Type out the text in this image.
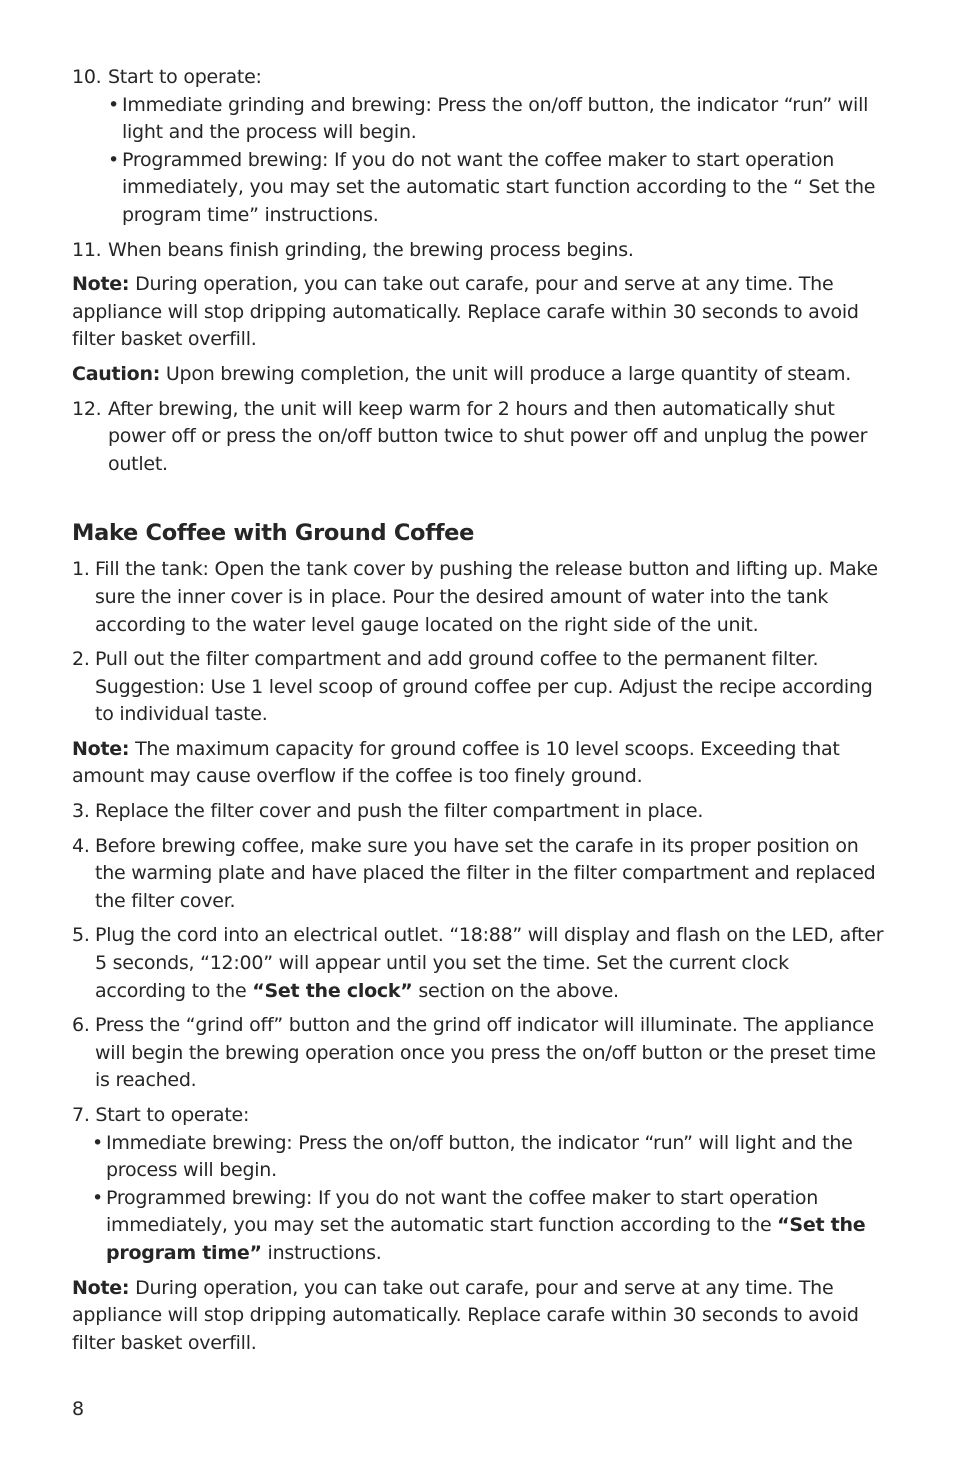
10. Start to operate:

• Immediate grinding and brewing: Press the on/off button, the indicator “run” will light and the process will begin.
• Programmed brewing: If you do not want the coffee maker to start operation immediately, you may set the automatic start function according to the “ Set the program time” instructions.
11. When beans finish grinding, the brewing process begins.

Note: During operation, you can take out carafe, pour and serve at any time. The appliance will stop dripping automatically. Replace carafe within 30 seconds to avoid filter basket overfill.

Caution: Upon brewing completion, the unit will produce a large quantity of steam.

12. After brewing, the unit will keep warm for 2 hours and then automatically shut power off or press the on/off button twice to shut power off and unplug the power outlet.

Make Coffee with Ground Coffee
1. Fill the tank: Open the tank cover by pushing the release button and lifting up. Make sure the inner cover is in place. Pour the desired amount of water into the tank according to the water level gauge located on the right side of the unit.

2. Pull out the filter compartment and add ground coffee to the permanent filter. Suggestion: Use 1 level scoop of ground coffee per cup. Adjust the recipe according to individual taste.

Note: The maximum capacity for ground coffee is 10 level scoops. Exceeding that amount may cause overflow if the coffee is too finely ground.

3. Replace the filter cover and push the filter compartment in place.

4. Before brewing coffee, make sure you have set the carafe in its proper position on the warming plate and have placed the filter in the filter compartment and replaced the filter cover.

5. Plug the cord into an electrical outlet. “18:88” will display and flash on the LED, after 5 seconds, “12:00” will appear until you set the time. Set the current clock according to the “Set the clock” section on the above.

6. Press the “grind off” button and the grind off indicator will illuminate. The appliance will begin the brewing operation once you press the on/off button or the preset time is reached.

7. Start to operate:

• Immediate brewing: Press the on/off button, the indicator “run” will light and the process will begin.
• Programmed brewing: If you do not want the coffee maker to start operation immediately, you may set the automatic start function according to the “Set the program time” instructions.

Note: During operation, you can take out carafe, pour and serve at any time. The appliance will stop dripping automatically. Replace carafe within 30 seconds to avoid filter basket overfill.

8
